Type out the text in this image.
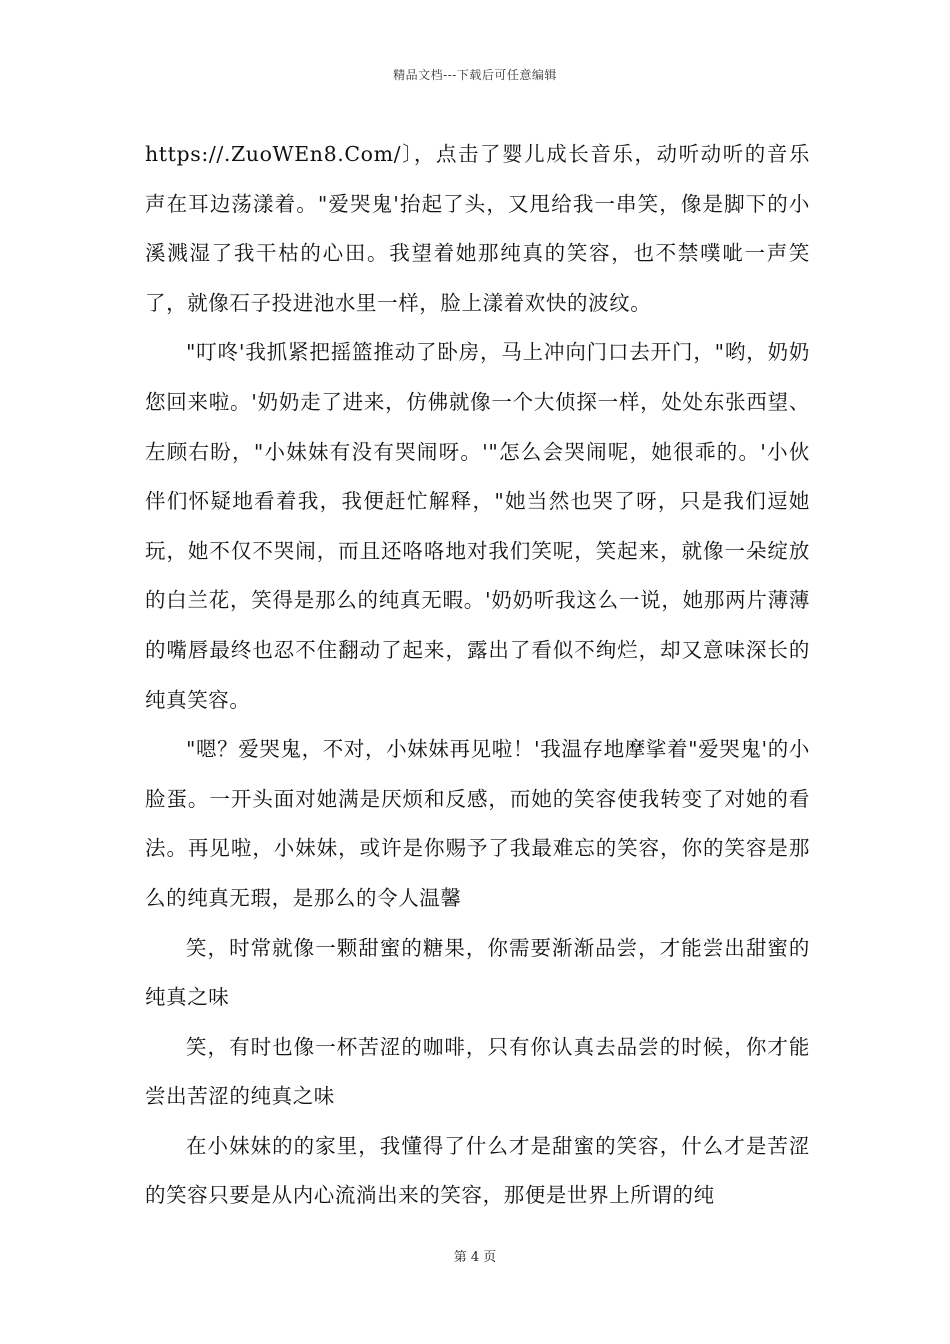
精品文档---下载后可任意编辑

https://.ZuoWEn8.Com/〕，点击了婴儿成长音乐，动听动听的音乐声在耳边荡漾着。"爱哭鬼'抬起了头，又甩给我一串笑，像是脚下的小溪溅湿了我干枯的心田。我望着她那纯真的笑容，也不禁噗呲一声笑了，就像石子投进池水里一样，脸上漾着欢快的波纹。

"叮咚'我抓紧把摇篮推动了卧房，马上冲向门口去开门，"哟，奶奶您回来啦。'奶奶走了进来，仿佛就像一个大侦探一样，处处东张西望、左顾右盼，"小妹妹有没有哭闹呀。'"怎么会哭闹呢，她很乖的。'小伙伴们怀疑地看着我，我便赶忙解释，"她当然也哭了呀，只是我们逗她玩，她不仅不哭闹，而且还咯咯地对我们笑呢，笑起来，就像一朵绽放的白兰花，笑得是那么的纯真无暇。'奶奶听我这么一说，她那两片薄薄的嘴唇最终也忍不住翻动了起来，露出了看似不绚烂，却又意味深长的纯真笑容。

"嗯？爱哭鬼，不对，小妹妹再见啦！'我温存地摩挲着"爱哭鬼'的小脸蛋。一开头面对她满是厌烦和反感，而她的笑容使我转变了对她的看法。再见啦，小妹妹，或许是你赐予了我最难忘的笑容，你的笑容是那么的纯真无瑕，是那么的令人温馨

笑，时常就像一颗甜蜜的糖果，你需要渐渐品尝，才能尝出甜蜜的纯真之味

笑，有时也像一杯苦涩的咖啡，只有你认真去品尝的时候，你才能尝出苦涩的纯真之味

在小妹妹的的家里，我懂得了什么才是甜蜜的笑容，什么才是苦涩的笑容只要是从内心流淌出来的笑容，那便是世界上所谓的纯

第 4 页
